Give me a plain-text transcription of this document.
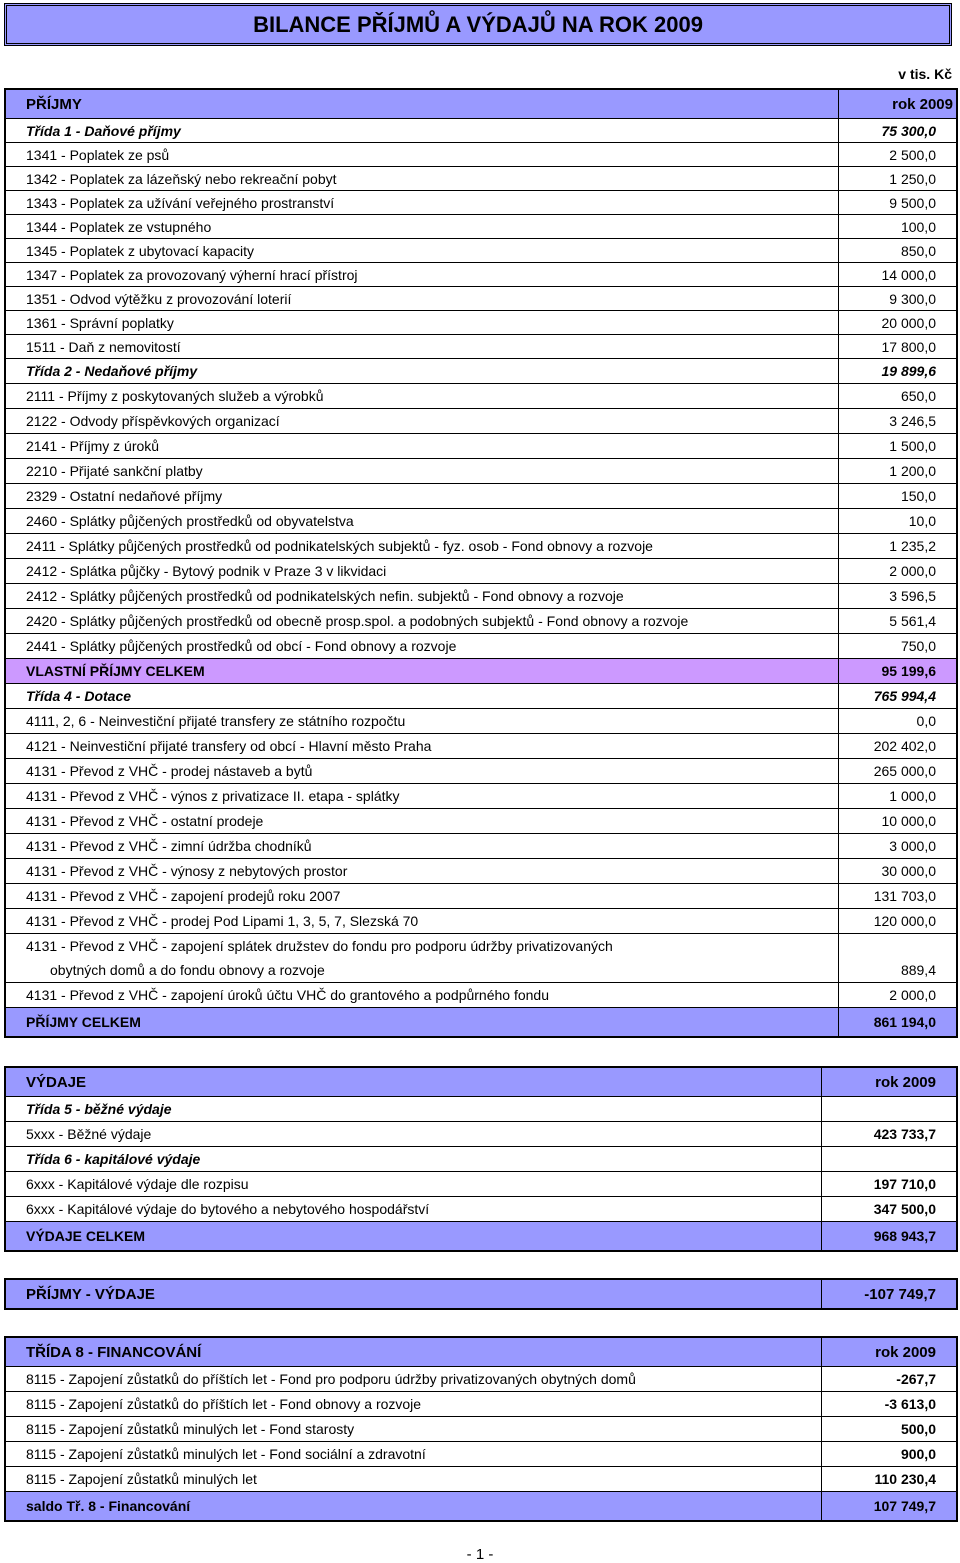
BILANCE PŘÍJMŮ A VÝDAJŮ NA ROK 2009
v tis. Kč
PŘÍJMY	rok 2009
Třída 1 - Daňové příjmy	75 300,0
1341 - Poplatek ze psů	2 500,0
1342 - Poplatek za lázeňský nebo rekreační pobyt	1 250,0
1343 - Poplatek za užívání veřejného prostranství	9 500,0
1344 - Poplatek ze vstupného	100,0
1345 - Poplatek z ubytovací kapacity	850,0
1347 - Poplatek za provozovaný výherní hrací přístroj	14 000,0
1351 - Odvod výtěžku z provozování loterií	9 300,0
1361 - Správní poplatky	20 000,0
1511 - Daň z nemovitostí	17 800,0
Třída 2 - Nedaňové příjmy	19 899,6
2111 - Příjmy z poskytovaných služeb a výrobků	650,0
2122 - Odvody příspěvkových organizací	3 246,5
2141 - Příjmy z úroků	1 500,0
2210 - Přijaté sankční platby	1 200,0
2329 - Ostatní nedaňové příjmy	150,0
2460 - Splátky půjčených prostředků od obyvatelstva	10,0
2411 - Splátky půjčených prostředků od podnikatelských subjektů - fyz. osob - Fond obnovy a rozvoje	1 235,2
2412 - Splátka půjčky - Bytový podnik v Praze 3 v likvidaci	2 000,0
2412 - Splátky půjčených prostředků od podnikatelských nefin. subjektů - Fond obnovy a rozvoje	3 596,5
2420 - Splátky půjčených prostředků od obecně prosp.spol. a podobných subjektů - Fond obnovy a rozvoje	5 561,4
2441 - Splátky půjčených prostředků od obcí - Fond obnovy a rozvoje	750,0
VLASTNÍ PŘÍJMY CELKEM	95 199,6
Třída 4 - Dotace	765 994,4
4111, 2, 6 - Neinvestiční přijaté transfery ze státního rozpočtu	0,0
4121 - Neinvestiční přijaté transfery od obcí - Hlavní město Praha	202 402,0
4131 - Převod z VHČ - prodej nástaveb a bytů	265 000,0
4131 - Převod z VHČ - výnos z privatizace II. etapa - splátky	1 000,0
4131 - Převod z VHČ - ostatní prodeje	10 000,0
4131 - Převod z VHČ - zimní údržba chodníků	3 000,0
4131 - Převod z VHČ - výnosy z nebytových prostor	30 000,0
4131 - Převod z VHČ - zapojení prodejů roku 2007	131 703,0
4131 - Převod z VHČ - prodej Pod Lipami 1, 3, 5, 7, Slezská 70	120 000,0
4131 - Převod z VHČ - zapojení splátek družstev do fondu pro podporu údržby privatizovaných	
obytných domů a do fondu obnovy a rozvoje	889,4
4131 - Převod z VHČ - zapojení úroků účtu VHČ do grantového a podpůrného fondu	2 000,0
PŘÍJMY CELKEM	861 194,0
VÝDAJE	rok 2009
Třída 5 - běžné výdaje	
5xxx - Běžné výdaje	423 733,7
Třída 6 - kapitálové výdaje	
6xxx - Kapitálové výdaje dle rozpisu	197 710,0
6xxx - Kapitálové výdaje do bytového a nebytového hospodářství	347 500,0
VÝDAJE CELKEM	968 943,7
PŘÍJMY - VÝDAJE	-107 749,7
TŘÍDA 8 - FINANCOVÁNÍ	rok 2009
8115 - Zapojení zůstatků do příštích let - Fond pro podporu údržby privatizovaných obytných domů	-267,7
8115 - Zapojení zůstatků do příštích let - Fond obnovy a rozvoje	-3 613,0
8115 - Zapojení zůstatků minulých let - Fond starosty	500,0
8115 - Zapojení zůstatků minulých let - Fond sociální a zdravotní	900,0
8115 - Zapojení zůstatků minulých let	110 230,4
saldo Tř. 8 - Financování	107 749,7
- 1 -
